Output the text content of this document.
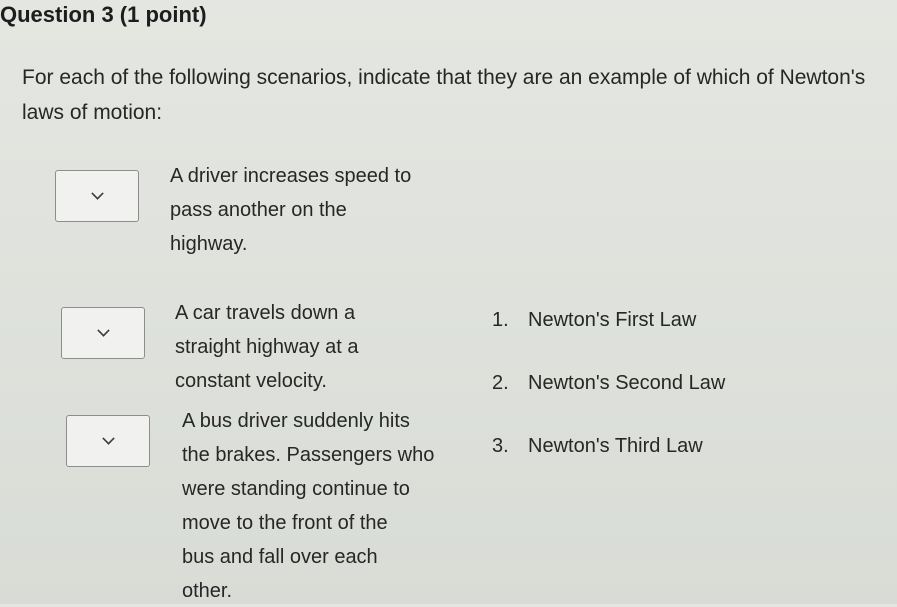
Question 3 (1 point)
For each of the following scenarios, indicate that they are an example of which of Newton's laws of motion:
A driver increases speed to
pass another on the
highway.
A car travels down a
straight highway at a
constant velocity.
A bus driver suddenly hits
the brakes. Passengers who
were standing continue to
move to the front of the
bus and fall over each
other.
1. Newton's First Law
2. Newton's Second Law
3. Newton's Third Law
